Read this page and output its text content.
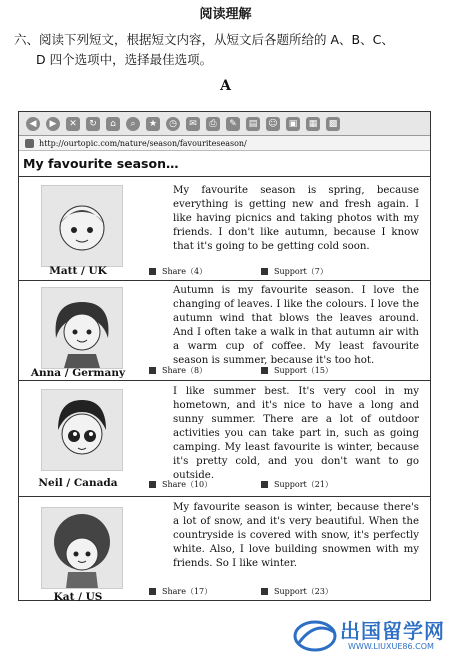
阅读理解
六、阅读下列短文，根据短文内容，从短文后各题所给的 A、B、C、
D 四个选项中，选择最佳选项。
A
◀	▶	✕	↻	⌂	⌕	★	◷	✉	⎙	✎	▤	☺	▣	▦	▩
http://ourtopic.com/nature/season/favouriteseason/
My favourite season…
Matt / UK
My favourite season is spring, because everything is getting new and fresh again. I like having picnics and taking photos with my friends. I don't like autumn, because I know that it's going to be getting cold soon.
Share（4）	Support（7）
Anna / Germany
Autumn is my favourite season. I love the changing of leaves. I like the colours. I love the autumn wind that blows the leaves around. And I often take a walk in that autumn air with a warm cup of coffee. My least favourite season is summer, because it's too hot.
Share（8）	Support（15）
Neil / Canada
I like summer best. It's very cool in my hometown, and it's nice to have a long and sunny summer. There are a lot of outdoor activities you can take part in, such as going camping. My least favourite is winter, because it's pretty cold, and you don't want to go outside.
Share（10）	Support（21）
Kat / US
My favourite season is winter, because there's a lot of snow, and it's very beautiful. When the countryside is covered with snow, it's perfectly white. Also, I love building snowmen with my friends. So I like winter.
Share（17）	Support（23）
出国留学网
WWW.LIUXUE86.COM
